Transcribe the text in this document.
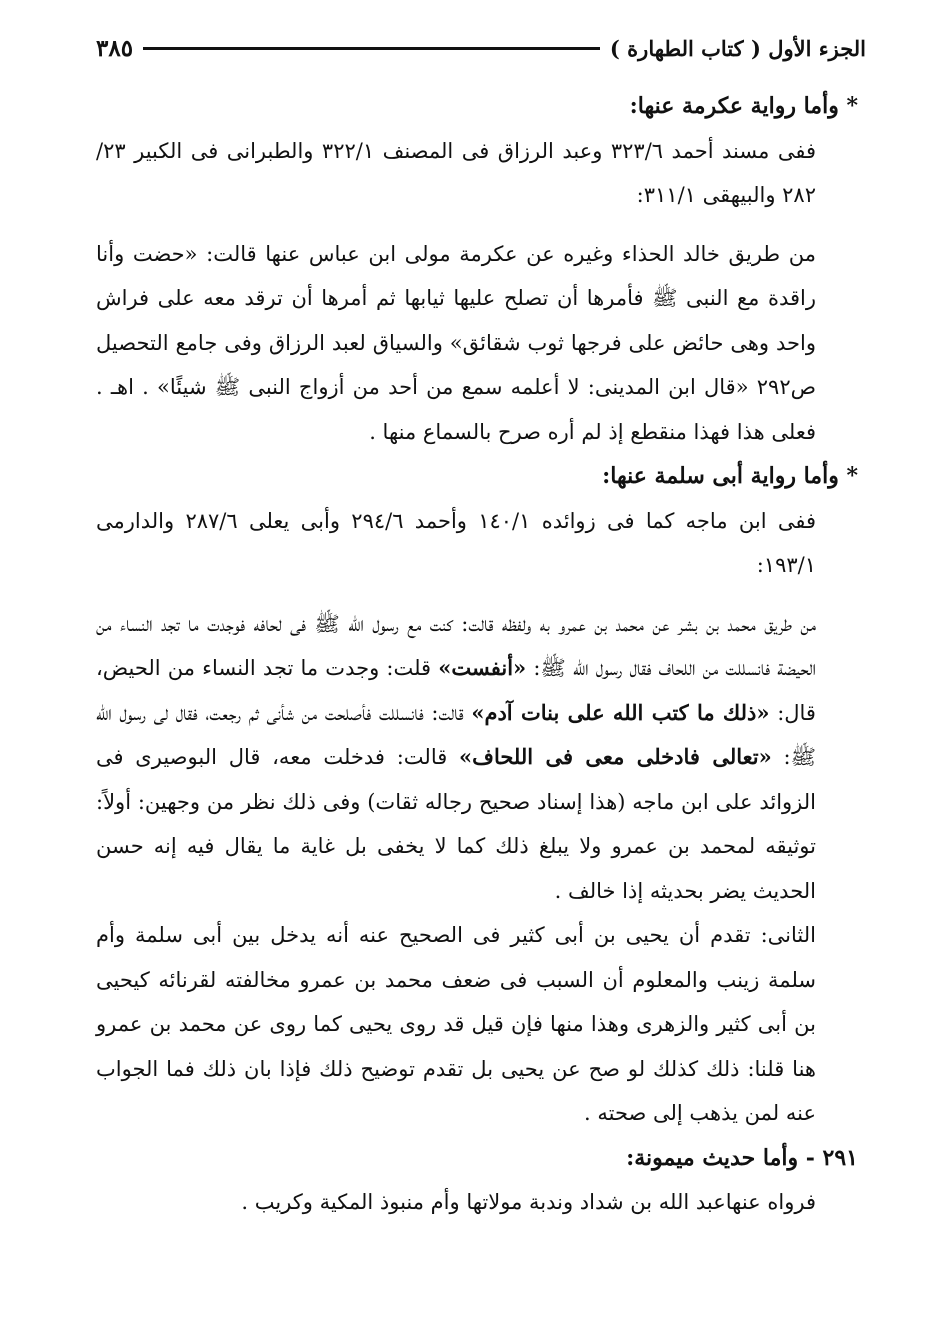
الجزء الأول ( كتاب الطهارة )
٣٨٥

* وأما رواية عكرمة عنها:

ففى مسند أحمد ٣٢٣/٦ وعبد الرزاق فى المصنف ٣٢٢/١ والطبرانى فى الكبير ٢٣/ ٢٨٢ والبيهقى ٣١١/١:

من طريق خالد الحذاء وغيره عن عكرمة مولى ابن عباس عنها قالت: «حضت وأنا راقدة مع النبى ﷺ فأمرها أن تصلح عليها ثيابها ثم أمرها أن ترقد معه على فراش واحد وهى حائض على فرجها ثوب شقائق» والسياق لعبد الرزاق وفى جامع التحصيل ص٢٩٢ «قال ابن المدينى: لا أعلمه سمع من أحد من أزواج النبى ﷺ شيئًا» . اهـ . فعلى هذا فهذا منقطع إذ لم أره صرح بالسماع منها .

* وأما رواية أبى سلمة عنها:

ففى ابن ماجه كما فى زوائده ١٤٠/١ وأحمد ٢٩٤/٦ وأبى يعلى ٢٨٧/٦ والدارمى ١٩٣/١:

من طريق محمد بن بشر عن محمد بن عمرو به ولفظه قالت: كنت مع رسول الله ﷺ فى لحافه فوجدت ما تجد النساء من الحيضة فانسللت من اللحاف فقال رسول الله ﷺ: «أنفست» قلت: وجدت ما تجد النساء من الحيض، قال: «ذلك ما كتب الله على بنات آدم» قالت: فانسللت فأصلحت من شأنى ثم رجعت، فقال لى رسول الله ﷺ: «تعالى فادخلى معى فى اللحاف» قالت: فدخلت معه، قال البوصيرى فى الزوائد على ابن ماجه (هذا إسناد صحيح رجاله ثقات) وفى ذلك نظر من وجهين: أولاً: توثيقه لمحمد بن عمرو ولا يبلغ ذلك كما لا يخفى بل غاية ما يقال فيه إنه حسن الحديث يضر بحديثه إذا خالف .

الثانى: تقدم أن يحيى بن أبى كثير فى الصحيح عنه أنه يدخل بين أبى سلمة وأم سلمة زينب والمعلوم أن السبب فى ضعف محمد بن عمرو مخالفته لقرنائه كيحيى بن أبى كثير والزهرى وهذا منها فإن قيل قد روى يحيى كما روى عن محمد بن عمرو هنا قلنا: ذلك كذلك لو صح عن يحيى بل تقدم توضيح ذلك فإذا بان ذلك فما الجواب عنه لمن يذهب إلى صحته .

٢٩١ - وأما حديث ميمونة:

فرواه عنهاعبد الله بن شداد وندبة مولاتها وأم منبوذ المكية وكريب .
